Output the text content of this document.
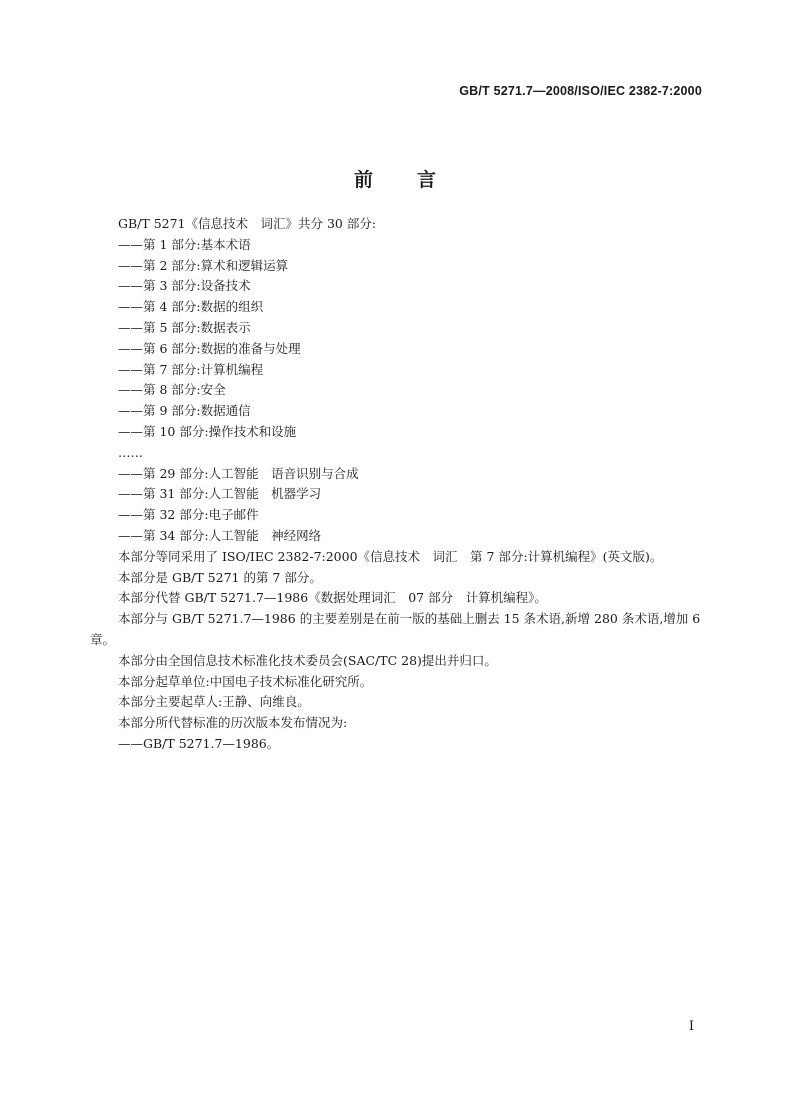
GB/T 5271.7—2008/ISO/IEC 2382-7:2000
前　　言

GB/T 5271《信息技术　词汇》共分 30 部分:

——第 1 部分:基本术语

——第 2 部分:算术和逻辑运算

——第 3 部分:设备技术

——第 4 部分:数据的组织

——第 5 部分:数据表示

——第 6 部分:数据的准备与处理

——第 7 部分:计算机编程

——第 8 部分:安全

——第 9 部分:数据通信

——第 10 部分:操作技术和设施

……

——第 29 部分:人工智能　语音识别与合成

——第 31 部分:人工智能　机器学习

——第 32 部分:电子邮件

——第 34 部分:人工智能　神经网络

本部分等同采用了 ISO/IEC 2382-7:2000《信息技术　词汇　第 7 部分:计算机编程》(英文版)。

本部分是 GB/T 5271 的第 7 部分。

本部分代替 GB/T 5271.7—1986《数据处理词汇　07 部分　计算机编程》。

本部分与 GB/T 5271.7—1986 的主要差别是在前一版的基础上删去 15 条术语,新增 280 条术语,增加 6 章。

本部分由全国信息技术标准化技术委员会(SAC/TC 28)提出并归口。

本部分起草单位:中国电子技术标准化研究所。

本部分主要起草人:王静、向维良。

本部分所代替标准的历次版本发布情况为:

——GB/T 5271.7—1986。

I
